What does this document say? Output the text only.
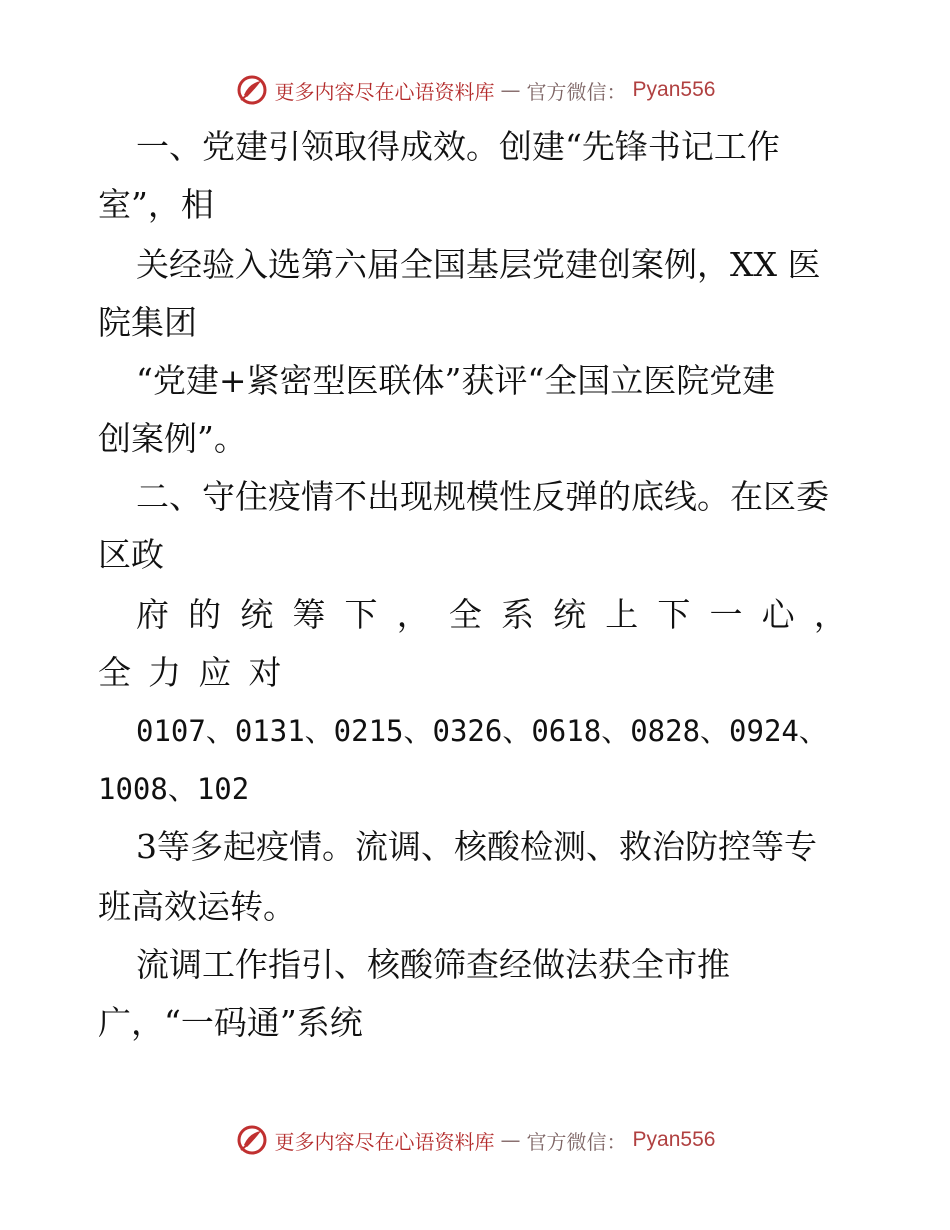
更多内容尽在心语资料库 — 官方微信： Pyan556
一、党建引领取得成效。创建“先锋书记工作
室”，相
关经验入选第六届全国基层党建创案例，XX 医
院集团
“党建+紧密型医联体”获评“全国立医院党建
创案例”。
二、守住疫情不出现规模性反弹的底线。在区委
区政
府的统筹下，全系统上下一心，
全力应对
0107、0131、0215、0326、0618、0828、0924、
1008、102
3等多起疫情。流调、核酸检测、救治防控等专
班高效运转。
流调工作指引、核酸筛查经做法获全市推
广，“一码通”系统
更多内容尽在心语资料库 — 官方微信： Pyan556
